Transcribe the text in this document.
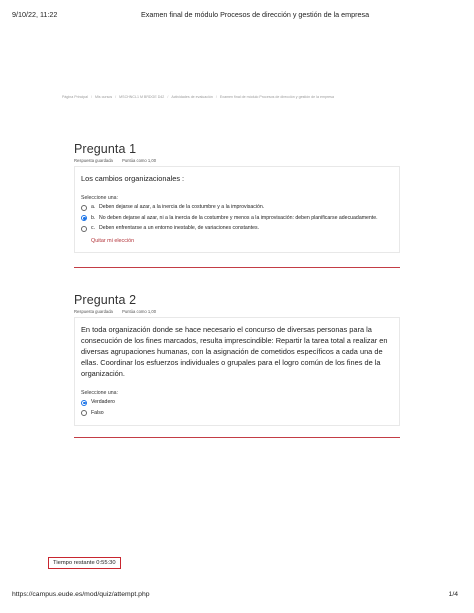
9/10/22, 11:22	Examen final de módulo Procesos de dirección y gestión de la empresa
Página Principal / Mis cursos / MSCHNCL1 M BRDGE D42 / Actividades de evaluación / Examen final de módulo Procesos de dirección y gestión de la empresa
Pregunta 1
Respuesta guardada Puntúa como 1,00
Los cambios organizacionales :
Seleccione una:
a. Deben dejarse al azar, a la inercia de la costumbre y a la improvisación.
b. No deben dejarse al azar, ni a la inercia de la costumbre y menos a la improvisación: deben planificarse adecuadamente.
c. Deben enfrentarse a un entorno inestable, de variaciones constantes.
Quitar mi elección
Pregunta 2
Respuesta guardada Puntúa como 1,00
En toda organización donde se hace necesario el concurso de diversas personas para la consecución de los fines marcados, resulta imprescindible: Repartir la tarea total a realizar en diversas agrupaciones humanas, con la asignación de cometidos específicos a cada una de ellas. Coordinar los esfuerzos individuales o grupales para el logro común de los fines de la organización.
Seleccione una:
Verdadero
Falso
Tiempo restante 0:55:30
https://campus.eude.es/mod/quiz/attempt.php	1/4
